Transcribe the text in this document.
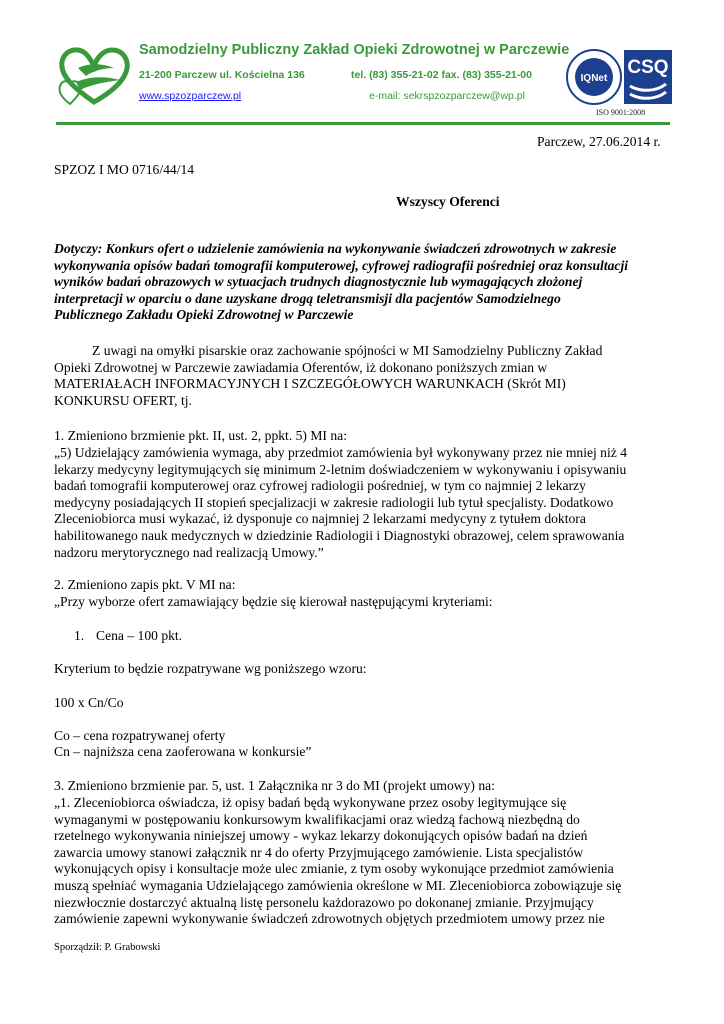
Samodzielny Publiczny Zakład Opieki Zdrowotnej w Parczewie
21-200 Parczew ul. Kościelna 136	tel. (83) 355-21-02 fax. (83) 355-21-00
www.spzozparczew.pl	e-mail: sekrspzozparczew@wp.pl
IQNet
CSQ
ISO 9001:2008
Parczew, 27.06.2014 r.
SPZOZ I MO 0716/44/14
Wszyscy Oferenci
Dotyczy: Konkurs ofert o udzielenie zamówienia na wykonywanie świadczeń zdrowotnych w zakresie
wykonywania opisów badań tomografii komputerowej, cyfrowej radiografii pośredniej oraz konsultacji
wyników badań obrazowych w sytuacjach trudnych diagnostycznie lub wymagających złożonej
interpretacji w oparciu o dane uzyskane drogą teletransmisji dla pacjentów Samodzielnego
Publicznego Zakładu Opieki Zdrowotnej w Parczewie
Z uwagi na omyłki pisarskie oraz zachowanie spójności w MI Samodzielny Publiczny Zakład
Opieki Zdrowotnej w Parczewie zawiadamia Oferentów, iż dokonano poniższych zmian w
MATERIAŁACH INFORMACYJNYCH I SZCZEGÓŁOWYCH WARUNKACH (Skrót MI)
KONKURSU OFERT, tj.
1. Zmieniono brzmienie pkt. II, ust. 2, ppkt. 5) MI na:
„5) Udzielający zamówienia wymaga, aby przedmiot zamówienia był wykonywany przez nie mniej niż 4
lekarzy medycyny legitymujących się minimum 2-letnim doświadczeniem w wykonywaniu i opisywaniu
badań tomografii komputerowej oraz cyfrowej radiologii pośredniej, w tym co najmniej 2 lekarzy
medycyny posiadających II stopień specjalizacji w zakresie radiologii lub tytuł specjalisty. Dodatkowo
Zleceniobiorca musi wykazać, iż dysponuje co najmniej 2 lekarzami medycyny z tytułem doktora
habilitowanego nauk medycznych w dziedzinie Radiologii i Diagnostyki obrazowej, celem sprawowania
nadzoru merytorycznego nad realizacją Umowy.”
2. Zmieniono zapis pkt. V MI na:
„Przy wyborze ofert zamawiający będzie się kierował następującymi kryteriami:
1. Cena – 100 pkt.
Kryterium to będzie rozpatrywane wg poniższego wzoru:
100 x Cn/Co
Co – cena rozpatrywanej oferty
Cn – najniższa cena zaoferowana w konkursie”
3. Zmieniono brzmienie par. 5, ust. 1 Załącznika nr 3 do MI (projekt umowy) na:
„1. Zleceniobiorca oświadcza, iż opisy badań będą wykonywane przez osoby legitymujące się
wymaganymi w postępowaniu konkursowym kwalifikacjami oraz wiedzą fachową niezbędną do
rzetelnego wykonywania niniejszej umowy - wykaz lekarzy dokonujących opisów badań na dzień
zawarcia umowy stanowi załącznik nr 4 do oferty Przyjmującego zamówienie. Lista specjalistów
wykonujących opisy i konsultacje może ulec zmianie, z tym osoby wykonujące przedmiot zamówienia
muszą spełniać wymagania Udzielającego zamówienia określone w MI. Zleceniobiorca zobowiązuje się
niezwłocznie dostarczyć aktualną listę personelu każdorazowo po dokonanej zmianie. Przyjmujący
zamówienie zapewni wykonywanie świadczeń zdrowotnych objętych przedmiotem umowy przez nie
Sporządził: P. Grabowski
